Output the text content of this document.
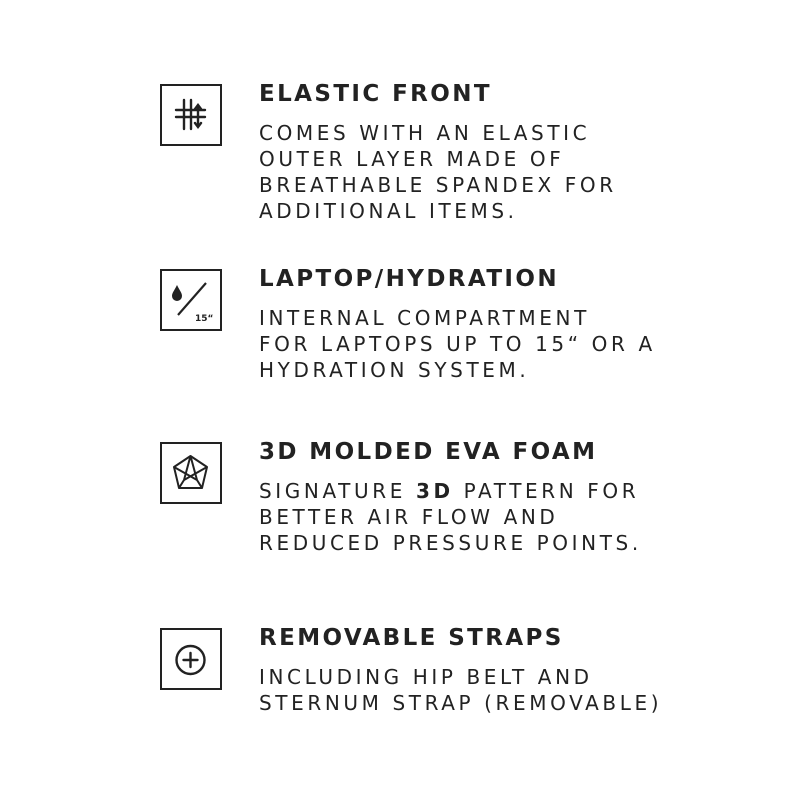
ELASTIC FRONT
COMES WITH AN ELASTIC
OUTER LAYER MADE OF
BREATHABLE SPANDEX FOR
ADDITIONAL ITEMS.
15“
LAPTOP/HYDRATION
INTERNAL COMPARTMENT
FOR LAPTOPS UP TO 15“ OR A
HYDRATION SYSTEM.
3D MOLDED EVA FOAM
SIGNATURE 3D PATTERN FOR
BETTER AIR FLOW AND
REDUCED PRESSURE POINTS.
REMOVABLE STRAPS
INCLUDING HIP BELT AND
STERNUM STRAP (REMOVABLE)
